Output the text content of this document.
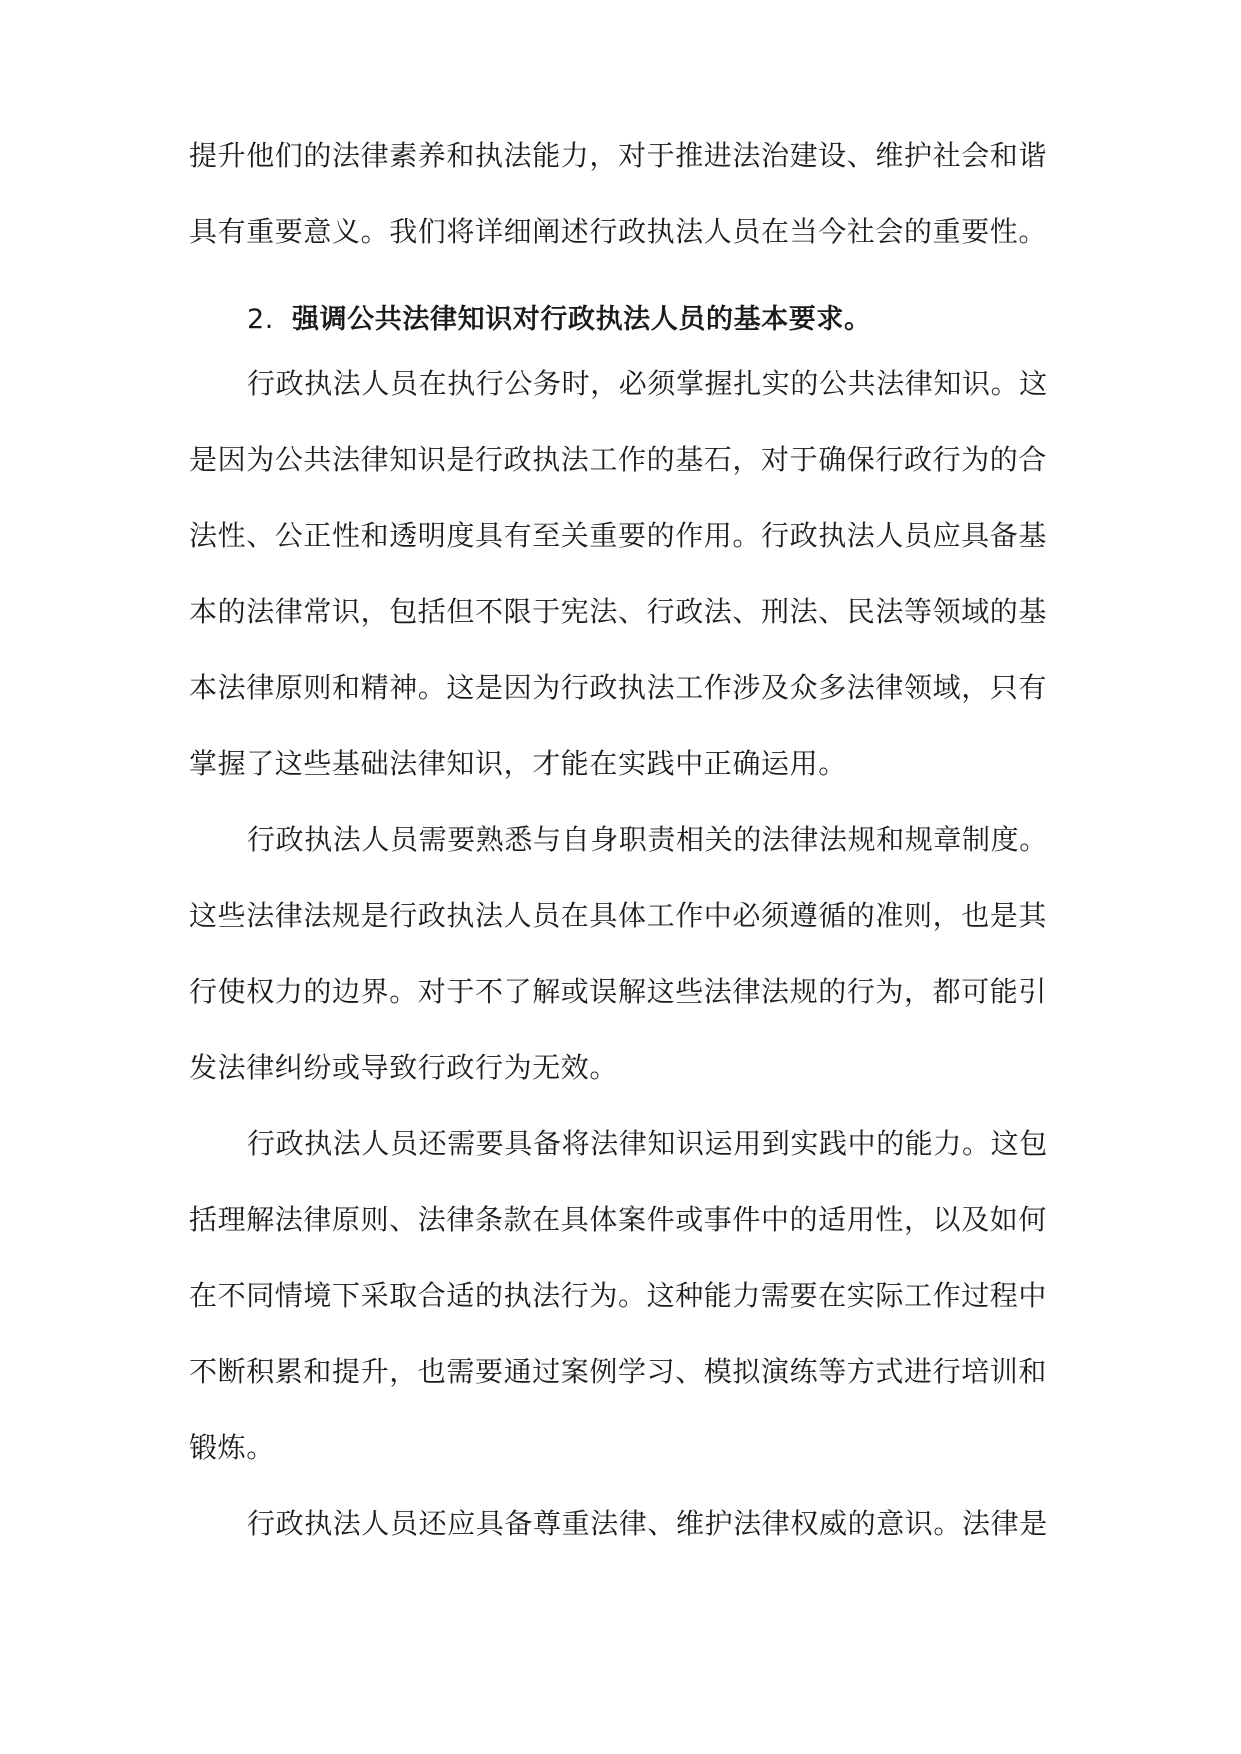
提升他们的法律素养和执法能力，对于推进法治建设、维护社会和谐
具有重要意义。我们将详细阐述行政执法人员在当今社会的重要性。
2. 强调公共法律知识对行政执法人员的基本要求。
行政执法人员在执行公务时，必须掌握扎实的公共法律知识。这
是因为公共法律知识是行政执法工作的基石，对于确保行政行为的合
法性、公正性和透明度具有至关重要的作用。行政执法人员应具备基
本的法律常识，包括但不限于宪法、行政法、刑法、民法等领域的基
本法律原则和精神。这是因为行政执法工作涉及众多法律领域，只有
掌握了这些基础法律知识，才能在实践中正确运用。
行政执法人员需要熟悉与自身职责相关的法律法规和规章制度。
这些法律法规是行政执法人员在具体工作中必须遵循的准则，也是其
行使权力的边界。对于不了解或误解这些法律法规的行为，都可能引
发法律纠纷或导致行政行为无效。
行政执法人员还需要具备将法律知识运用到实践中的能力。这包
括理解法律原则、法律条款在具体案件或事件中的适用性，以及如何
在不同情境下采取合适的执法行为。这种能力需要在实际工作过程中
不断积累和提升，也需要通过案例学习、模拟演练等方式进行培训和
锻炼。
行政执法人员还应具备尊重法律、维护法律权威的意识。法律是
